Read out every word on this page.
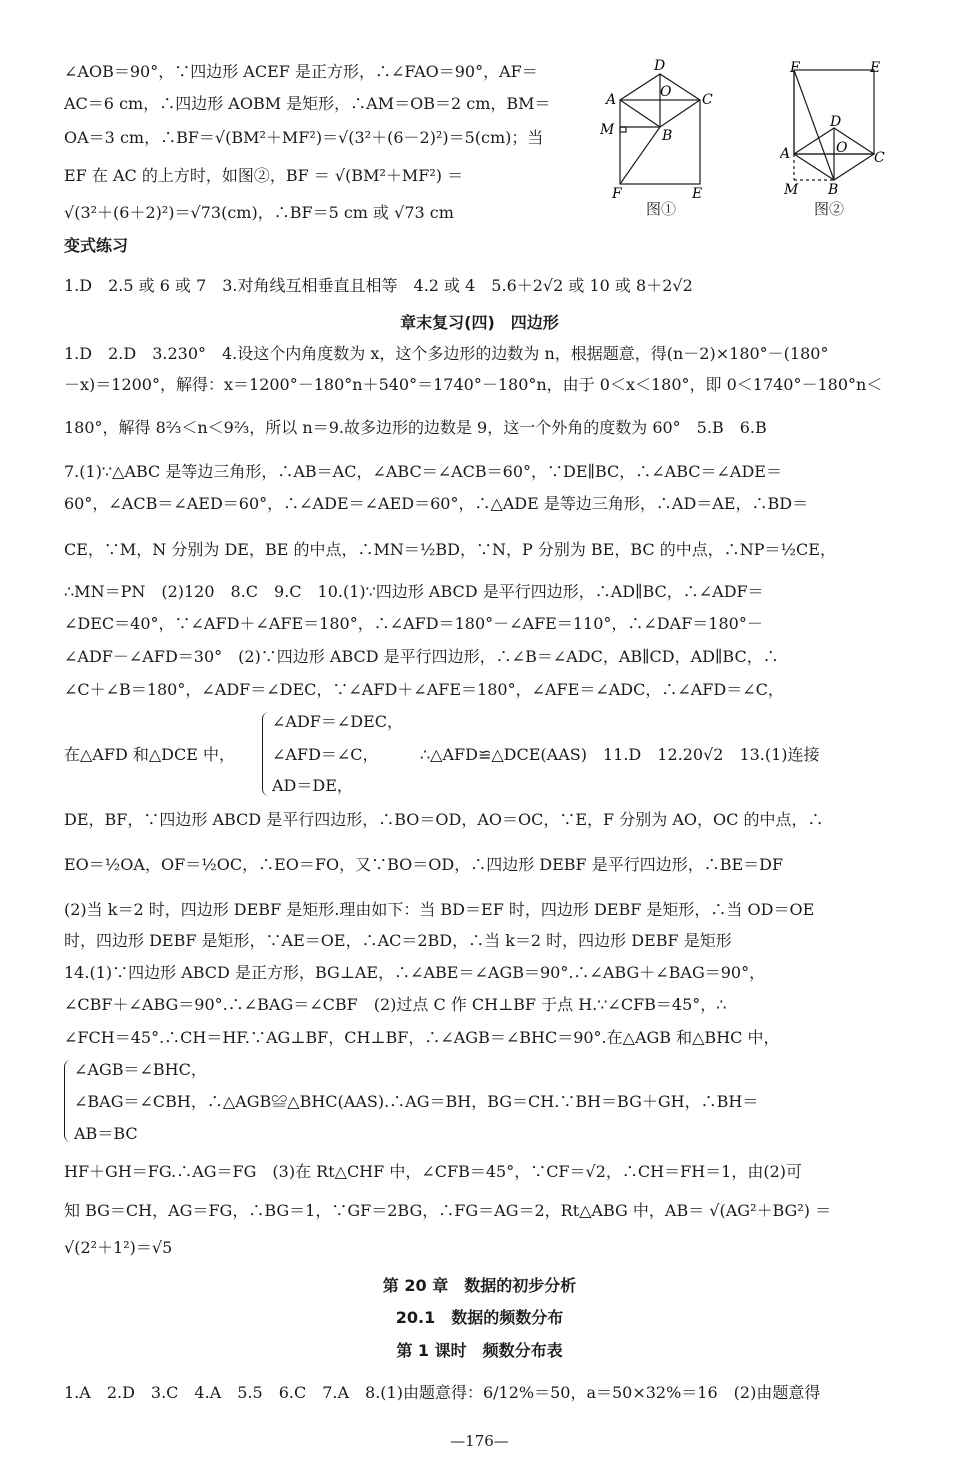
∠AOB＝90°，∵四边形 ACEF 是正方形，∴∠FAO＝90°，AF＝
AC＝6 cm，∴四边形 AOBM 是矩形，∴AM＝OB＝2 cm，BM＝
OA＝3 cm，∴BF＝√(BM²＋MF²)＝√(3²＋(6－2)²)＝5(cm)；当
EF 在 AC 的上方时，如图②，BF ＝ √(BM²＋MF²) ＝
√(3²＋(6＋2)²)＝√73(cm)，∴BF＝5 cm 或 √73 cm
D
A	O C
M	B
F	E
图①
F	E
D
A	O
C
M B
图②
变式练习
1.D　2.5 或 6 或 7　3.对角线互相垂直且相等　4.2 或 4　5.6＋2√2 或 10 或 8＋2√2
章末复习(四)　四边形
1.D　2.D　3.230°　4.设这个内角度数为 x，这个多边形的边数为 n，根据题意，得(n－2)×180°－(180°
－x)＝1200°，解得：x＝1200°－180°n＋540°＝1740°－180°n，由于 0＜x＜180°，即 0＜1740°－180°n＜
180°，解得 8⅔＜n＜9⅔，所以 n＝9.故多边形的边数是 9，这一个外角的度数为 60°　5.B　6.B
7.(1)∵△ABC 是等边三角形，∴AB＝AC，∠ABC＝∠ACB＝60°，∵DE∥BC，∴∠ABC＝∠ADE＝
60°，∠ACB＝∠AED＝60°，∴∠ADE＝∠AED＝60°，∴△ADE 是等边三角形，∴AD＝AE，∴BD＝
CE，∵M，N 分别为 DE，BE 的中点，∴MN＝½BD，∵N，P 分别为 BE，BC 的中点，∴NP＝½CE，
∴MN＝PN　(2)120　8.C　9.C　10.(1)∵四边形 ABCD 是平行四边形，∴AD∥BC，∴∠ADF＝
∠DEC＝40°，∵∠AFD＋∠AFE＝180°，∴∠AFD＝180°－∠AFE＝110°，∴∠DAF＝180°－
∠ADF－∠AFD＝30°　(2)∵四边形 ABCD 是平行四边形，∴∠B＝∠ADC，AB∥CD，AD∥BC，∴
∠C＋∠B＝180°，∠ADF＝∠DEC，∵∠AFD＋∠AFE＝180°，∠AFE＝∠ADC，∴∠AFD＝∠C，
在△AFD 和△DCE 中，
∠ADF＝∠DEC，
∠AFD＝∠C，
AD＝DE，
∴△AFD≌△DCE(AAS)　11.D　12.20√2　13.(1)连接
DE，BF，∵四边形 ABCD 是平行四边形，∴BO＝OD，AO＝OC，∵E，F 分别为 AO，OC 的中点，∴
EO＝½OA，OF＝½OC，∴EO＝FO，又∵BO＝OD，∴四边形 DEBF 是平行四边形，∴BE＝DF
(2)当 k＝2 时，四边形 DEBF 是矩形.理由如下：当 BD＝EF 时，四边形 DEBF 是矩形，∴当 OD＝OE
时，四边形 DEBF 是矩形，∵AE＝OE，∴AC＝2BD，∴当 k＝2 时，四边形 DEBF 是矩形
14.(1)∵四边形 ABCD 是正方形，BG⊥AE，∴∠ABE＝∠AGB＝90°.∴∠ABG＋∠BAG＝90°，
∠CBF＋∠ABG＝90°.∴∠BAG＝∠CBF　(2)过点 C 作 CH⊥BF 于点 H.∵∠CFB＝45°，∴
∠FCH＝45°.∴CH＝HF.∵AG⊥BF，CH⊥BF，∴∠AGB＝∠BHC＝90°.在△AGB 和△BHC 中，
∠AGB＝∠BHC，
∠BAG＝∠CBH，∴△AGB≌△BHC(AAS).∴AG＝BH，BG＝CH.∵BH＝BG＋GH，∴BH＝
AB＝BC
HF＋GH＝FG.∴AG＝FG　(3)在 Rt△CHF 中，∠CFB＝45°，∵CF＝√2，∴CH＝FH＝1，由(2)可
知 BG＝CH，AG＝FG，∴BG＝1，∵GF＝2BG，∴FG＝AG＝2，Rt△ABG 中，AB＝ √(AG²＋BG²) ＝
√(2²＋1²)＝√5
第 20 章　数据的初步分析
20.1　数据的频数分布
第 1 课时　频数分布表
1.A　2.D　3.C　4.A　5.5　6.C　7.A　8.(1)由题意得：6/12%＝50，a＝50×32%＝16　(2)由题意得
—176—
